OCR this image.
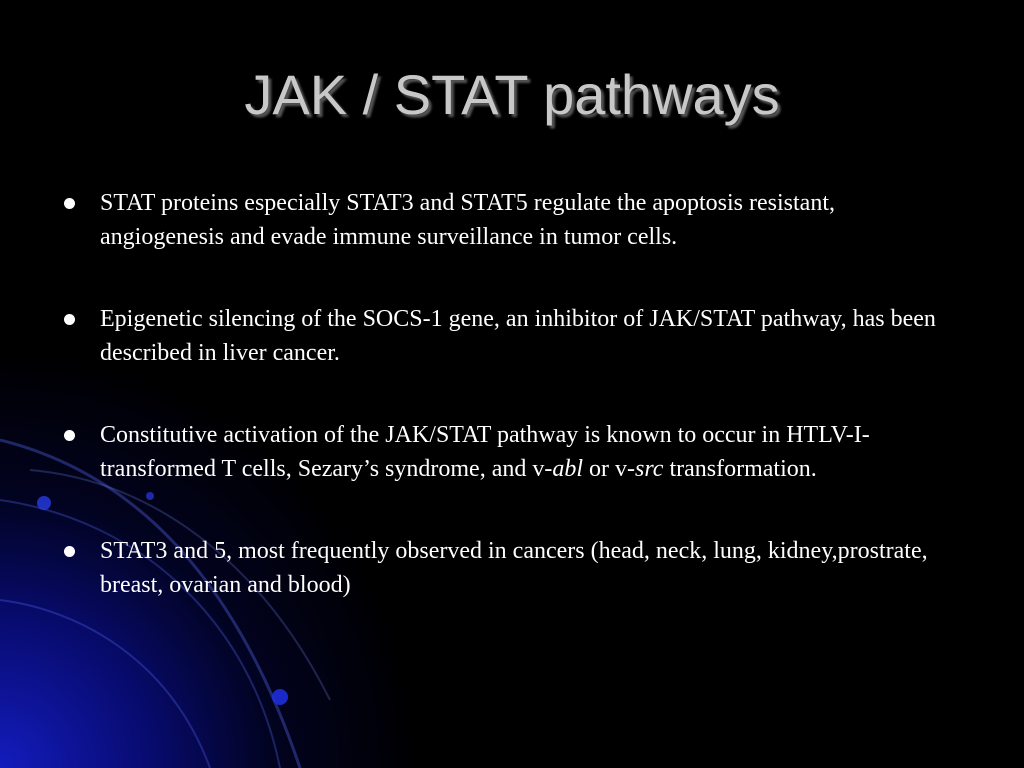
JAK / STAT pathways
STAT proteins especially STAT3 and STAT5 regulate the apoptosis resistant, angiogenesis and evade immune surveillance in tumor cells.
Epigenetic silencing of the SOCS-1 gene, an inhibitor of JAK/STAT pathway, has been described in liver cancer.
Constitutive activation of the JAK/STAT pathway is known to occur in HTLV-I-transformed T cells, Sezary’s syndrome, and v-abl or v-src transformation.
STAT3 and 5, most frequently observed in cancers (head, neck, lung, kidney,prostrate, breast, ovarian and blood)
